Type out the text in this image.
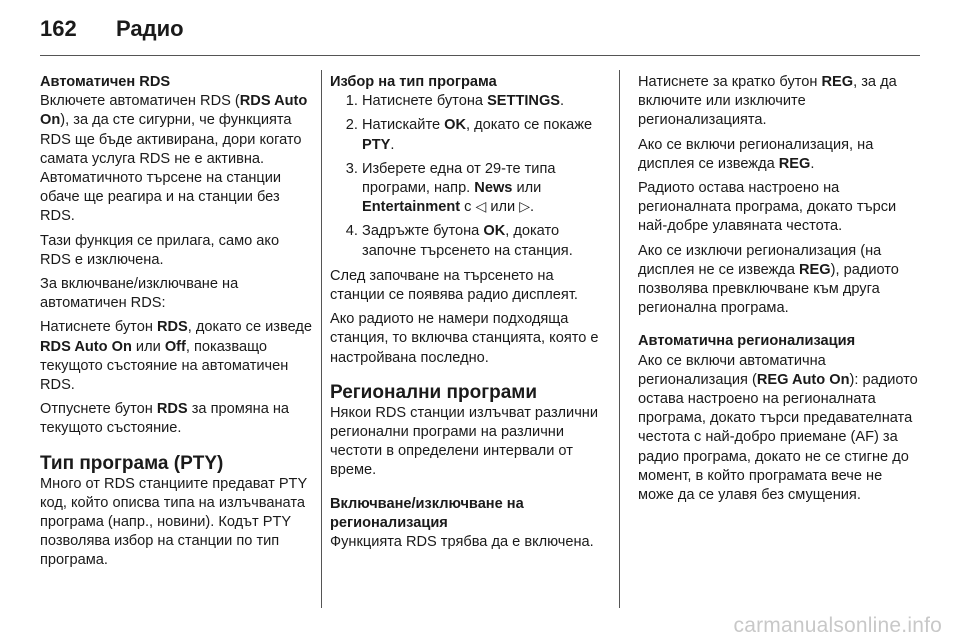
162 Радио
Автоматичен RDS

Включете автоматичен RDS (RDS Auto On), за да сте сигурни, че функцията RDS ще бъде активирана, дори когато самата услуга RDS не е активна. Автоматичното търсене на станции обаче ще реагира и на станции без RDS.

Тази функция се прилага, само ако RDS е изключена.

За включване/изключване на автоматичен RDS:

Натиснете бутон RDS, докато се изведе RDS Auto On или Off, показващо текущото състояние на автоматичен RDS.

Отпуснете бутон RDS за промяна на текущото състояние.

Тип програма (PTY)

Много от RDS станциите предават PTY код, който описва типа на излъчваната програма (напр., новини). Кодът PTY позволява избор на станции по тип програма.

Избор на тип програма
1. Натиснете бутона SETTINGS.
2. Натискайте OK, докато се покаже PTY.
3. Изберете една от 29-те типа програми, напр. News или Entertainment с ◁ или ▷.
4. Задръжте бутона OK, докато започне търсенето на станция.

След започване на търсенето на станции се появява радио дисплеят.

Ако радиото не намери подходяща станция, то включва станцията, която е настройвана последно.

Регионални програми

Някои RDS станции излъчват различни регионални програми на различни честоти в определени интервали от време.

Включване/изключване на регионализация

Функцията RDS трябва да е включена.

Натиснете за кратко бутон REG, за да включите или изключите регионализацията.

Ако се включи регионализация, на дисплея се извежда REG.

Радиото остава настроено на регионалната програма, докато търси най-добре улавяната честота.

Ако се изключи регионализация (на дисплея не се извежда REG), радиото позволява превключване към друга регионална програма.

Автоматична регионализация

Ако се включи автоматична регионализация (REG Auto On): радиото остава настроено на регионалната програма, докато търси предавателната честота с най-добро приемане (AF) за радио програма, докато не се стигне до момент, в който програмата вече не може да се улавя без смущения.

carmanualsonline.info
